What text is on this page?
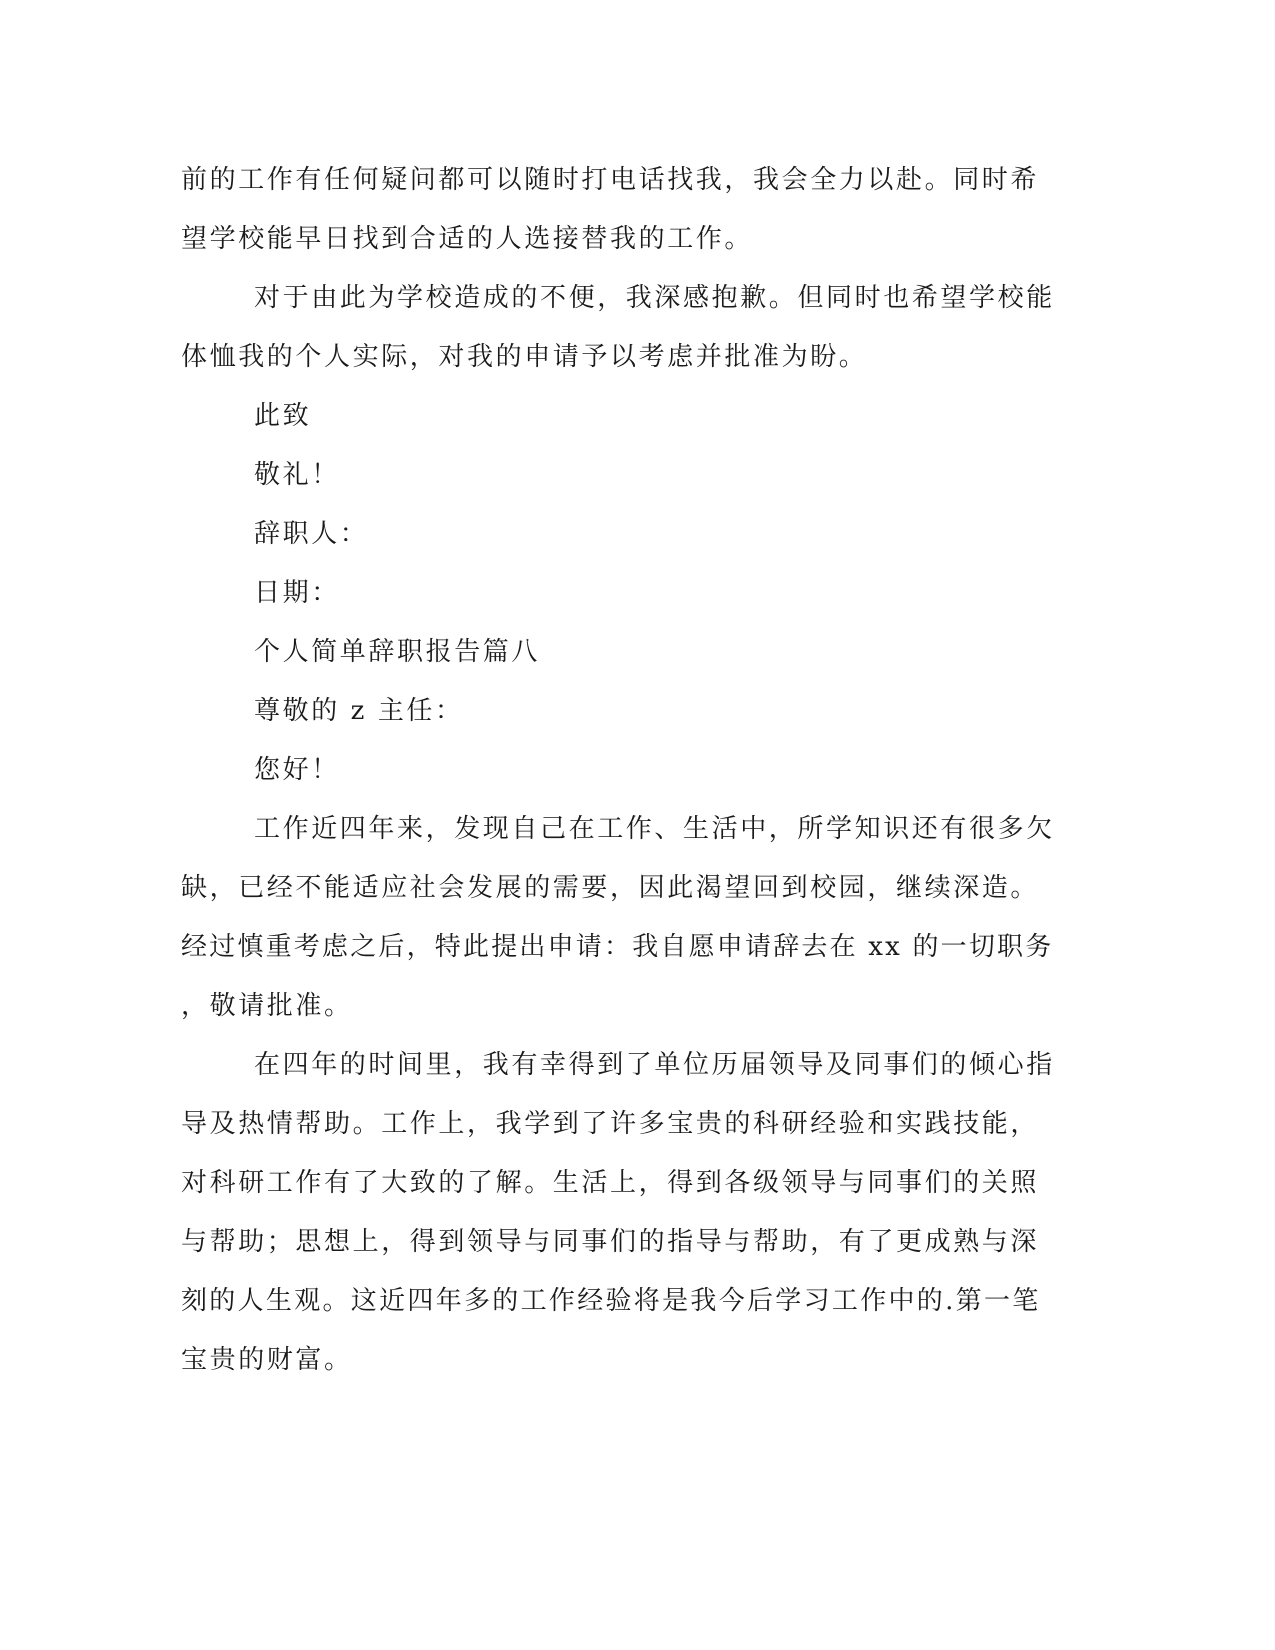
前的工作有任何疑问都可以随时打电话找我，我会全力以赴。同时希
望学校能早日找到合适的人选接替我的工作。
对于由此为学校造成的不便，我深感抱歉。但同时也希望学校能
体恤我的个人实际，对我的申请予以考虑并批准为盼。
此致
敬礼！
辞职人：
日期：
个人简单辞职报告篇八
尊敬的 z 主任：
您好！
工作近四年来，发现自己在工作、生活中，所学知识还有很多欠
缺，已经不能适应社会发展的需要，因此渴望回到校园，继续深造。
经过慎重考虑之后，特此提出申请：我自愿申请辞去在 xx 的一切职务
，敬请批准。
在四年的时间里，我有幸得到了单位历届领导及同事们的倾心指
导及热情帮助。工作上，我学到了许多宝贵的科研经验和实践技能，
对科研工作有了大致的了解。生活上，得到各级领导与同事们的关照
与帮助；思想上，得到领导与同事们的指导与帮助，有了更成熟与深
刻的人生观。这近四年多的工作经验将是我今后学习工作中的.第一笔
宝贵的财富。
